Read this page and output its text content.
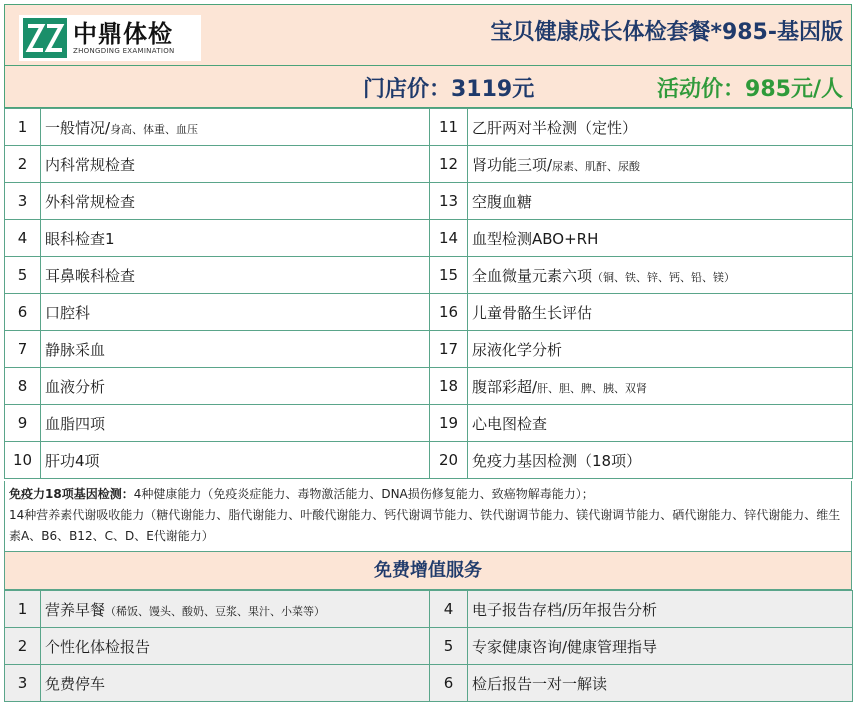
中鼎体检
ZHONGDING EXAMINATION
宝贝健康成长体检套餐*985-基因版
门店价：3119元	活动价：985元/人
1	一般情况/身高、体重、血压	11	乙肝两对半检测（定性）
2	内科常规检查	12	肾功能三项/尿素、肌酐、尿酸
3	外科常规检查	13	空腹血糖
4	眼科检查1	14	血型检测ABO+RH
5	耳鼻喉科检查	15	全血微量元素六项（铜、铁、锌、钙、铅、镁）
6	口腔科	16	儿童骨骼生长评估
7	静脉采血	17	尿液化学分析
8	血液分析	18	腹部彩超/肝、胆、脾、胰、双肾
9	血脂四项	19	心电图检查
10	肝功4项	20	免疫力基因检测（18项）
免疫力18项基因检测：4种健康能力（免疫炎症能力、毒物激活能力、DNA损伤修复能力、致癌物解毒能力）；
14种营养素代谢吸收能力（糖代谢能力、脂代谢能力、叶酸代谢能力、钙代谢调节能力、铁代谢调节能力、镁代谢调节能力、硒代谢能力、锌代谢能力、维生素A、B6、B12、C、D、E代谢能力）
免费增值服务
1	营养早餐（稀饭、馒头、酸奶、豆浆、果汁、小菜等）	4	电子报告存档/历年报告分析
2	个性化体检报告	5	专家健康咨询/健康管理指导
3	免费停车	6	检后报告一对一解读
